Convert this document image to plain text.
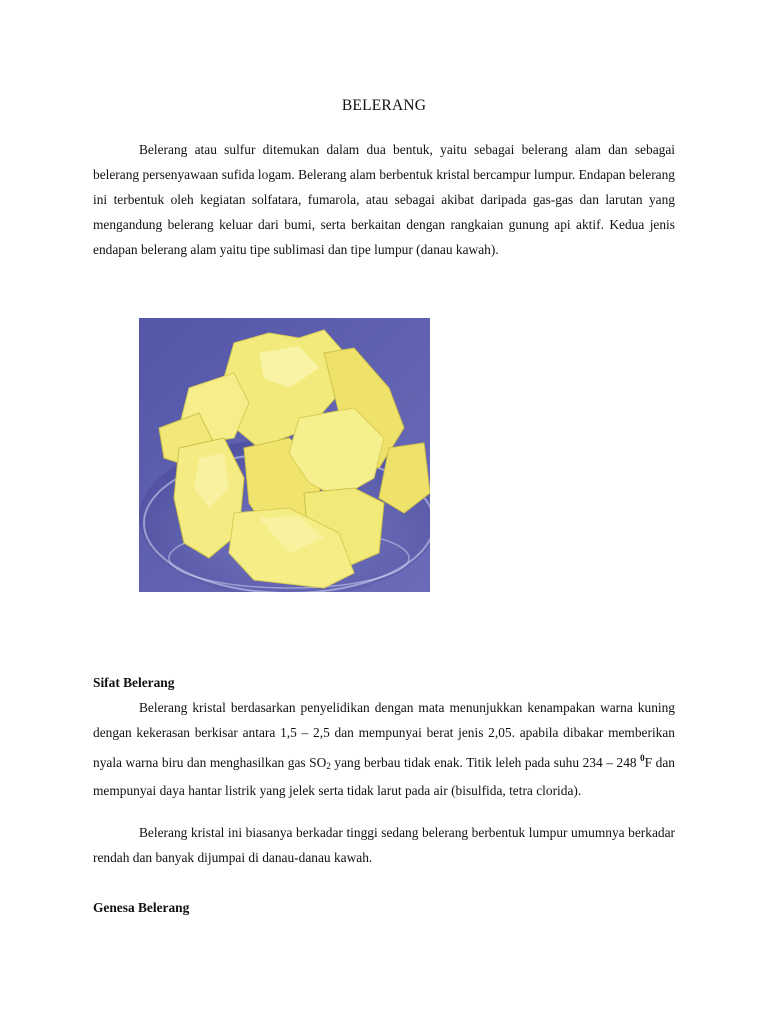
BELERANG

Belerang atau sulfur ditemukan dalam dua bentuk, yaitu sebagai belerang alam dan sebagai belerang persenyawaan sufida logam. Belerang alam berbentuk kristal bercampur lumpur. Endapan belerang ini terbentuk oleh kegiatan solfatara, fumarola, atau sebagai akibat daripada gas-gas dan larutan yang mengandung belerang keluar dari bumi, serta berkaitan dengan rangkaian gunung api aktif. Kedua jenis endapan belerang alam yaitu tipe sublimasi dan tipe lumpur (danau kawah).

Sifat Belerang

Belerang kristal berdasarkan penyelidikan dengan mata menunjukkan kenampakan warna kuning dengan kekerasan berkisar antara 1,5 – 2,5 dan mempunyai berat jenis 2,05. apabila dibakar memberikan nyala warna biru dan menghasilkan gas $SO_2$ yang berbau tidak enak. Titik leleh pada suhu 234 – 248 $^0$F dan mempunyai daya hantar listrik yang jelek serta tidak larut pada air (bisulfida, tetra clorida).

Belerang kristal ini biasanya berkadar tinggi sedang belerang berbentuk lumpur umumnya berkadar rendah dan banyak dijumpai di danau-danau kawah.

Genesa Belerang
